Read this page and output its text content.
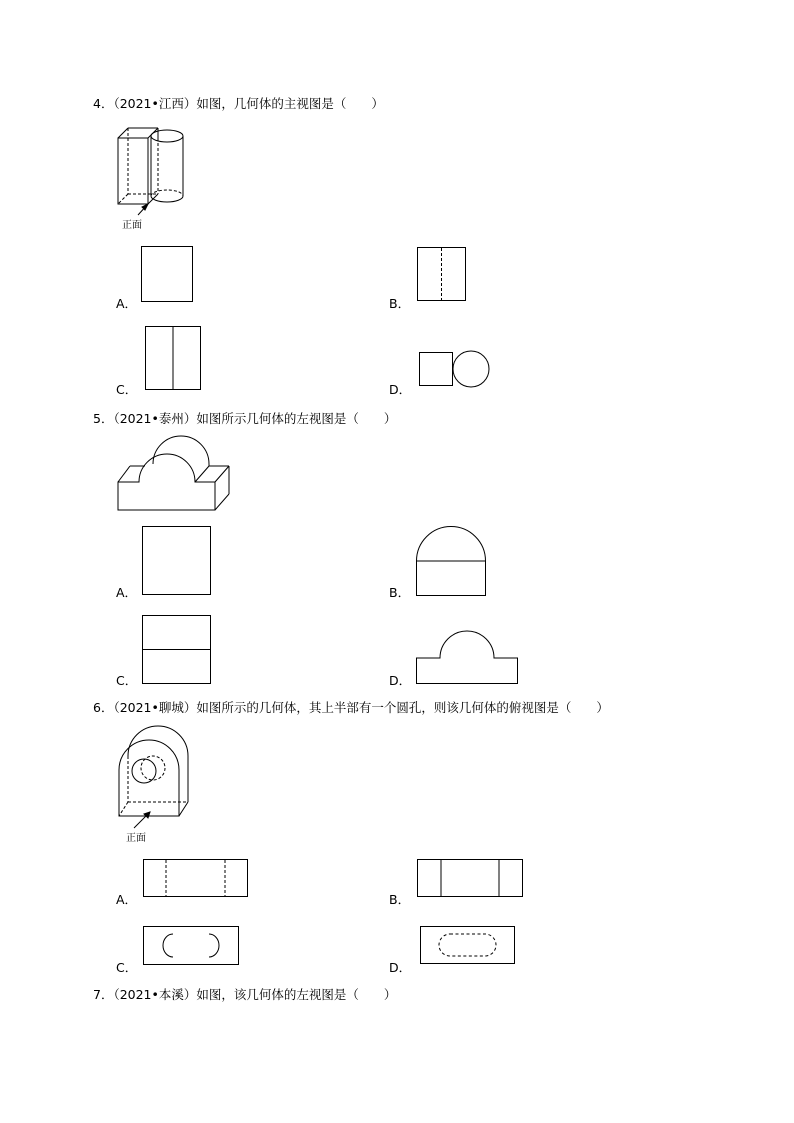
4．（2021•江西）如图，几何体的主视图是（　　）
正面
A．	B．
C．	D．
5．（2021•泰州）如图所示几何体的左视图是（　　）
A．	B．
C．	D．
6．（2021•聊城）如图所示的几何体，其上半部有一个圆孔，则该几何体的俯视图是（　　）
正面
A．	B．
C．	D．
7．（2021•本溪）如图，该几何体的左视图是（　　）
